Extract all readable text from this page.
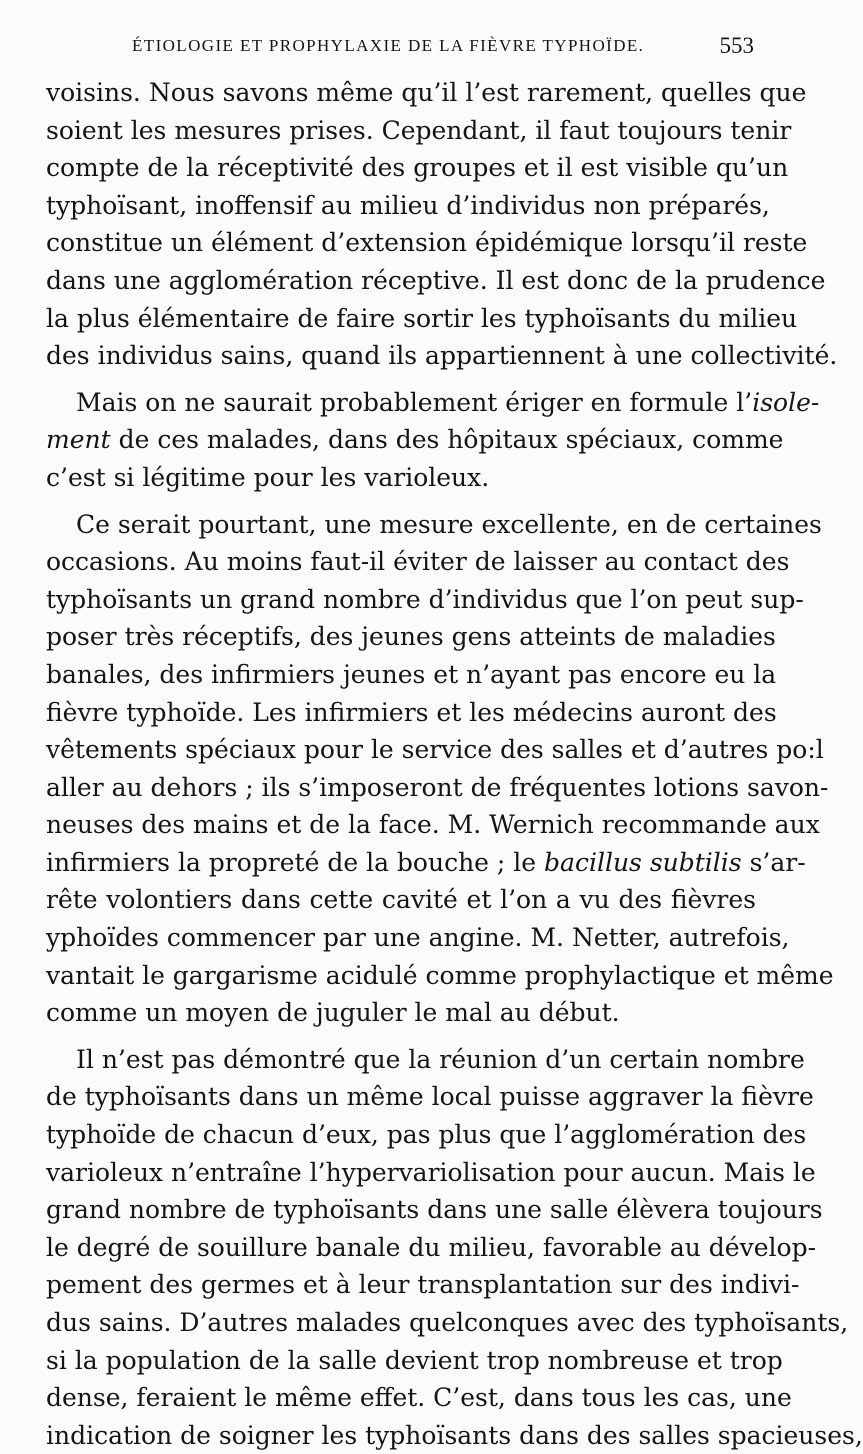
ÉTIOLOGIE ET PROPHYLAXIE DE LA FIÈVRE TYPHOÏDE.	553
voisins. Nous savons même qu’il l’est rarement, quelles que
soient les mesures prises. Cependant, il faut toujours tenir
compte de la réceptivité des groupes et il est visible qu’un
typhoïsant, inoffensif au milieu d’individus non préparés,
constitue un élément d’extension épidémique lorsqu’il reste
dans une agglomération réceptive. Il est donc de la prudence
la plus élémentaire de faire sortir les typhoïsants du milieu
des individus sains, quand ils appartiennent à une collectivité.
Mais on ne saurait probablement ériger en formule l’isole-
ment de ces malades, dans des hôpitaux spéciaux, comme
c’est si légitime pour les varioleux.
Ce serait pourtant, une mesure excellente, en de certaines
occasions. Au moins faut-il éviter de laisser au contact des
typhoïsants un grand nombre d’individus que l’on peut sup-
poser très réceptifs, des jeunes gens atteints de maladies
banales, des infirmiers jeunes et n’ayant pas encore eu la
fièvre typhoïde. Les infirmiers et les médecins auront des
vêtements spéciaux pour le service des salles et d’autres po:l
aller au dehors ; ils s’imposeront de fréquentes lotions savon-
neuses des mains et de la face. M. Wernich recommande aux
infirmiers la propreté de la bouche ; le bacillus subtilis s’ar-
rête volontiers dans cette cavité et l’on a vu des fièvres
yphoïdes commencer par une angine. M. Netter, autrefois,
vantait le gargarisme acidulé comme prophylactique et même
comme un moyen de juguler le mal au début.
Il n’est pas démontré que la réunion d’un certain nombre
de typhoïsants dans un même local puisse aggraver la fièvre
typhoïde de chacun d’eux, pas plus que l’agglomération des
varioleux n’entraîne l’hypervariolisation pour aucun. Mais le
grand nombre de typhoïsants dans une salle élèvera toujours
le degré de souillure banale du milieu, favorable au dévelop-
pement des germes et à leur transplantation sur des indivi-
dus sains. D’autres malades quelconques avec des typhoïsants,
si la population de la salle devient trop nombreuse et trop
dense, feraient le même effet. C’est, dans tous les cas, une
indication de soigner les typhoïsants dans des salles spacieuses,
